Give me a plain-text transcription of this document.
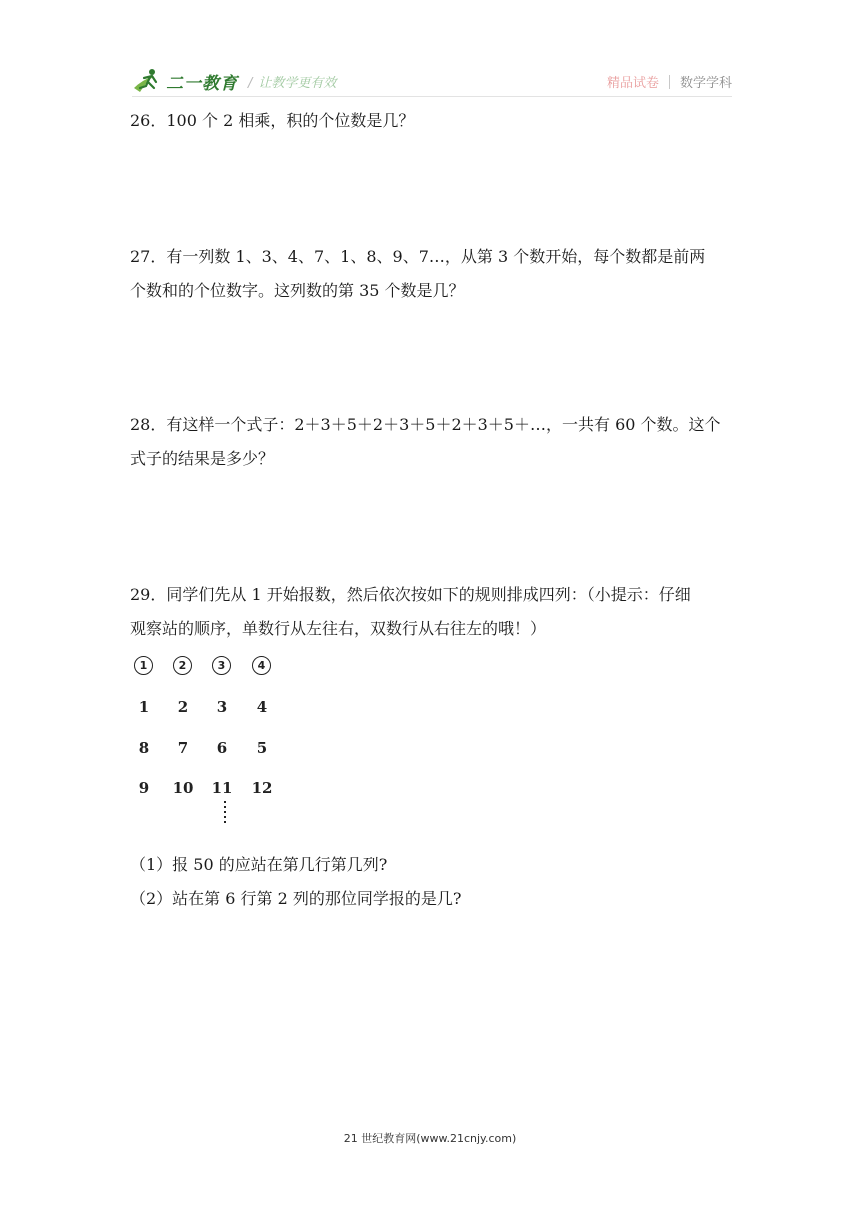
二一教育 / 让教学更有效	精品试卷 数学学科

26．100 个 2 相乘，积的个位数是几？

27．有一列数 1、3、4、7、1、8、9、7…，从第 3 个数开始，每个数都是前两

个数和的个位数字。这列数的第 35 个数是几？

28．有这样一个式子：2＋3＋5＋2＋3＋5＋2＋3＋5＋…，一共有 60 个数。这个

式子的结果是多少？

29．同学们先从 1 开始报数，然后依次按如下的规则排成四列：（小提示：仔细

观察站的顺序，单数行从左往右，双数行从右往左的哦！）

1	2	3	4
1	2	3	4
8	7	6	5
9	10	11	12
（1）报 50 的应站在第几行第几列?
（2）站在第 6 行第 2 列的那位同学报的是几?
21 世纪教育网(www.21cnjy.com)
